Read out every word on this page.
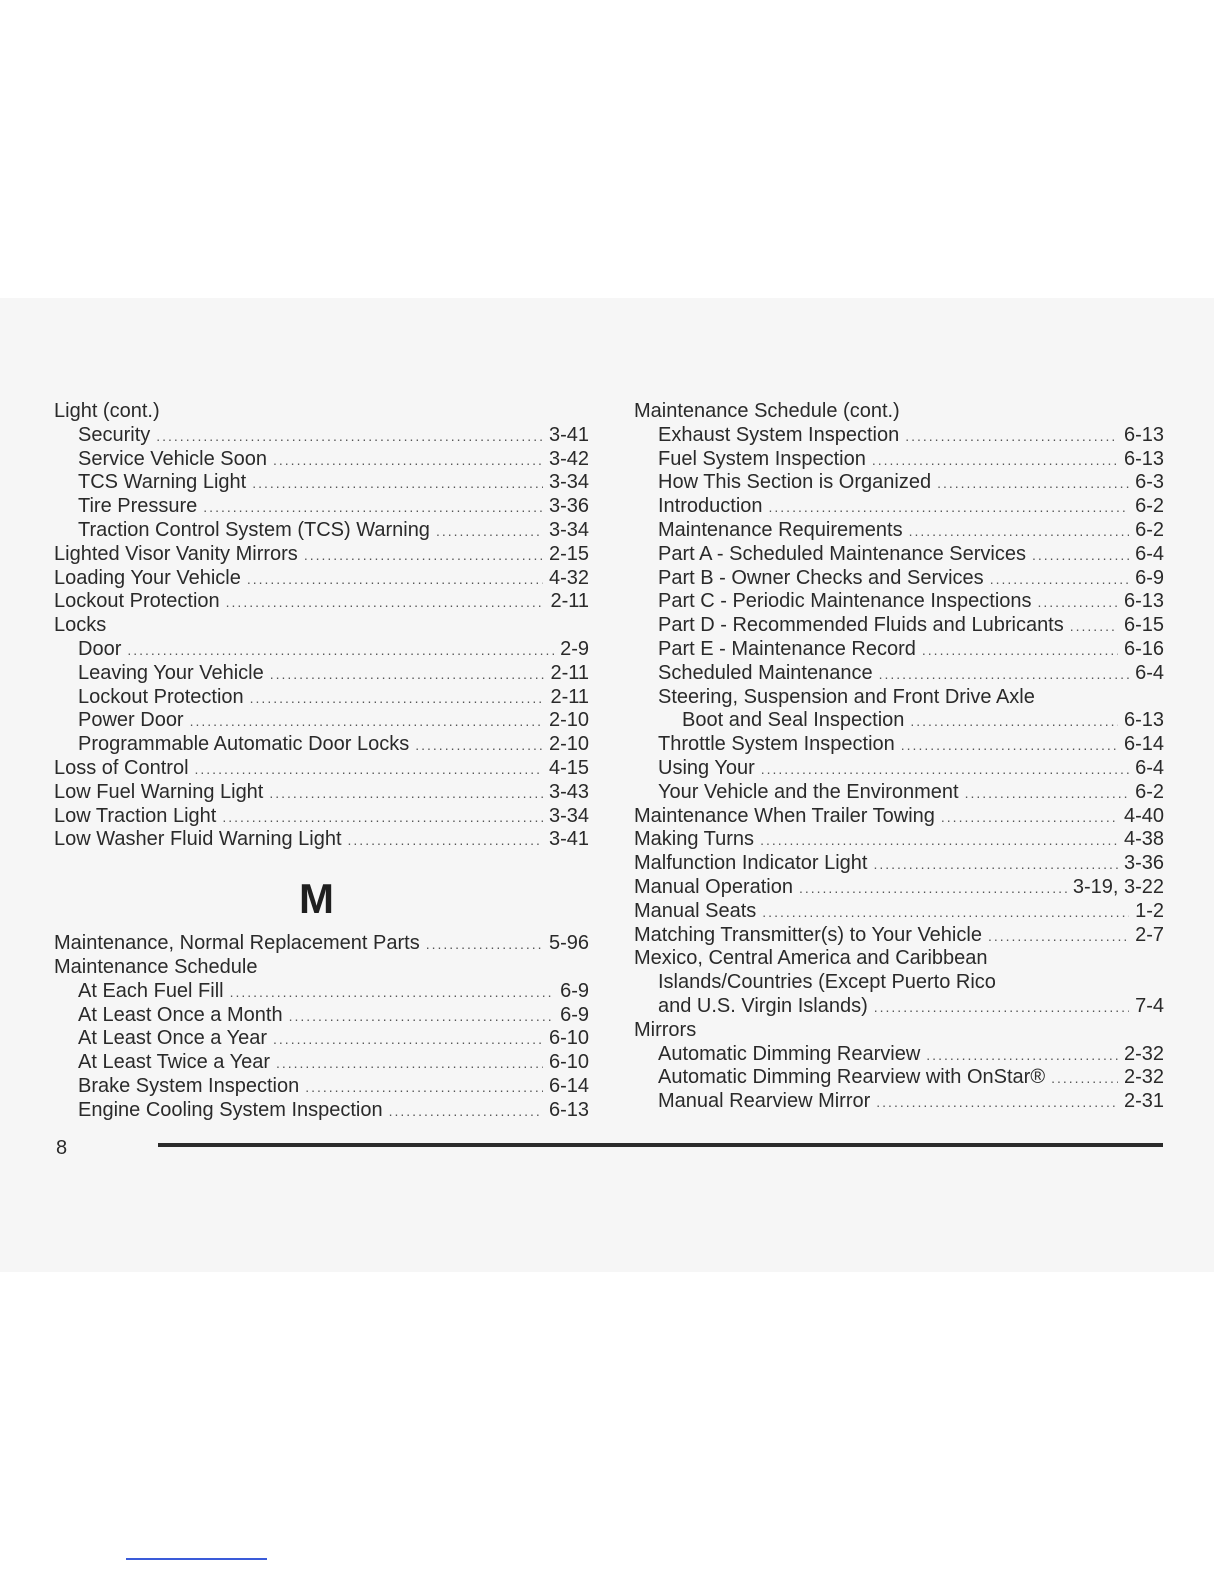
Light (cont.)
Security .....	3-41
Service Vehicle Soon .....	3-42
TCS Warning Light .....	3-34
Tire Pressure .....	3-36
Traction Control System (TCS) Warning .....	3-34
Lighted Visor Vanity Mirrors .....	2-15
Loading Your Vehicle .....	4-32
Lockout Protection .....	2-11
Locks
Door .....	2-9
Leaving Your Vehicle .....	2-11
Lockout Protection .....	2-11
Power Door .....	2-10
Programmable Automatic Door Locks .....	2-10
Loss of Control .....	4-15
Low Fuel Warning Light .....	3-43
Low Traction Light .....	3-34
Low Washer Fluid Warning Light .....	3-41
M
Maintenance, Normal Replacement Parts .....	5-96
Maintenance Schedule
At Each Fuel Fill .....	6-9
At Least Once a Month .....	6-9
At Least Once a Year .....	6-10
At Least Twice a Year .....	6-10
Brake System Inspection .....	6-14
Engine Cooling System Inspection .....	6-13
Maintenance Schedule (cont.)
Exhaust System Inspection .....	6-13
Fuel System Inspection .....	6-13
How This Section is Organized .....	6-3
Introduction .....	6-2
Maintenance Requirements .....	6-2
Part A - Scheduled Maintenance Services .....	6-4
Part B - Owner Checks and Services .....	6-9
Part C - Periodic Maintenance Inspections .....	6-13
Part D - Recommended Fluids and Lubricants .....	6-15
Part E - Maintenance Record .....	6-16
Scheduled Maintenance .....	6-4
Steering, Suspension and Front Drive Axle
Boot and Seal Inspection .....	6-13
Throttle System Inspection .....	6-14
Using Your .....	6-4
Your Vehicle and the Environment .....	6-2
Maintenance When Trailer Towing .....	4-40
Making Turns .....	4-38
Malfunction Indicator Light .....	3-36
Manual Operation .....	3-19, 3-22
Manual Seats .....	1-2
Matching Transmitter(s) to Your Vehicle .....	2-7
Mexico, Central America and Caribbean
Islands/Countries (Except Puerto Rico
and U.S. Virgin Islands) .....	7-4
Mirrors
Automatic Dimming Rearview .....	2-32
Automatic Dimming Rearview with OnStar® .....	2-32
Manual Rearview Mirror .....	2-31
8
